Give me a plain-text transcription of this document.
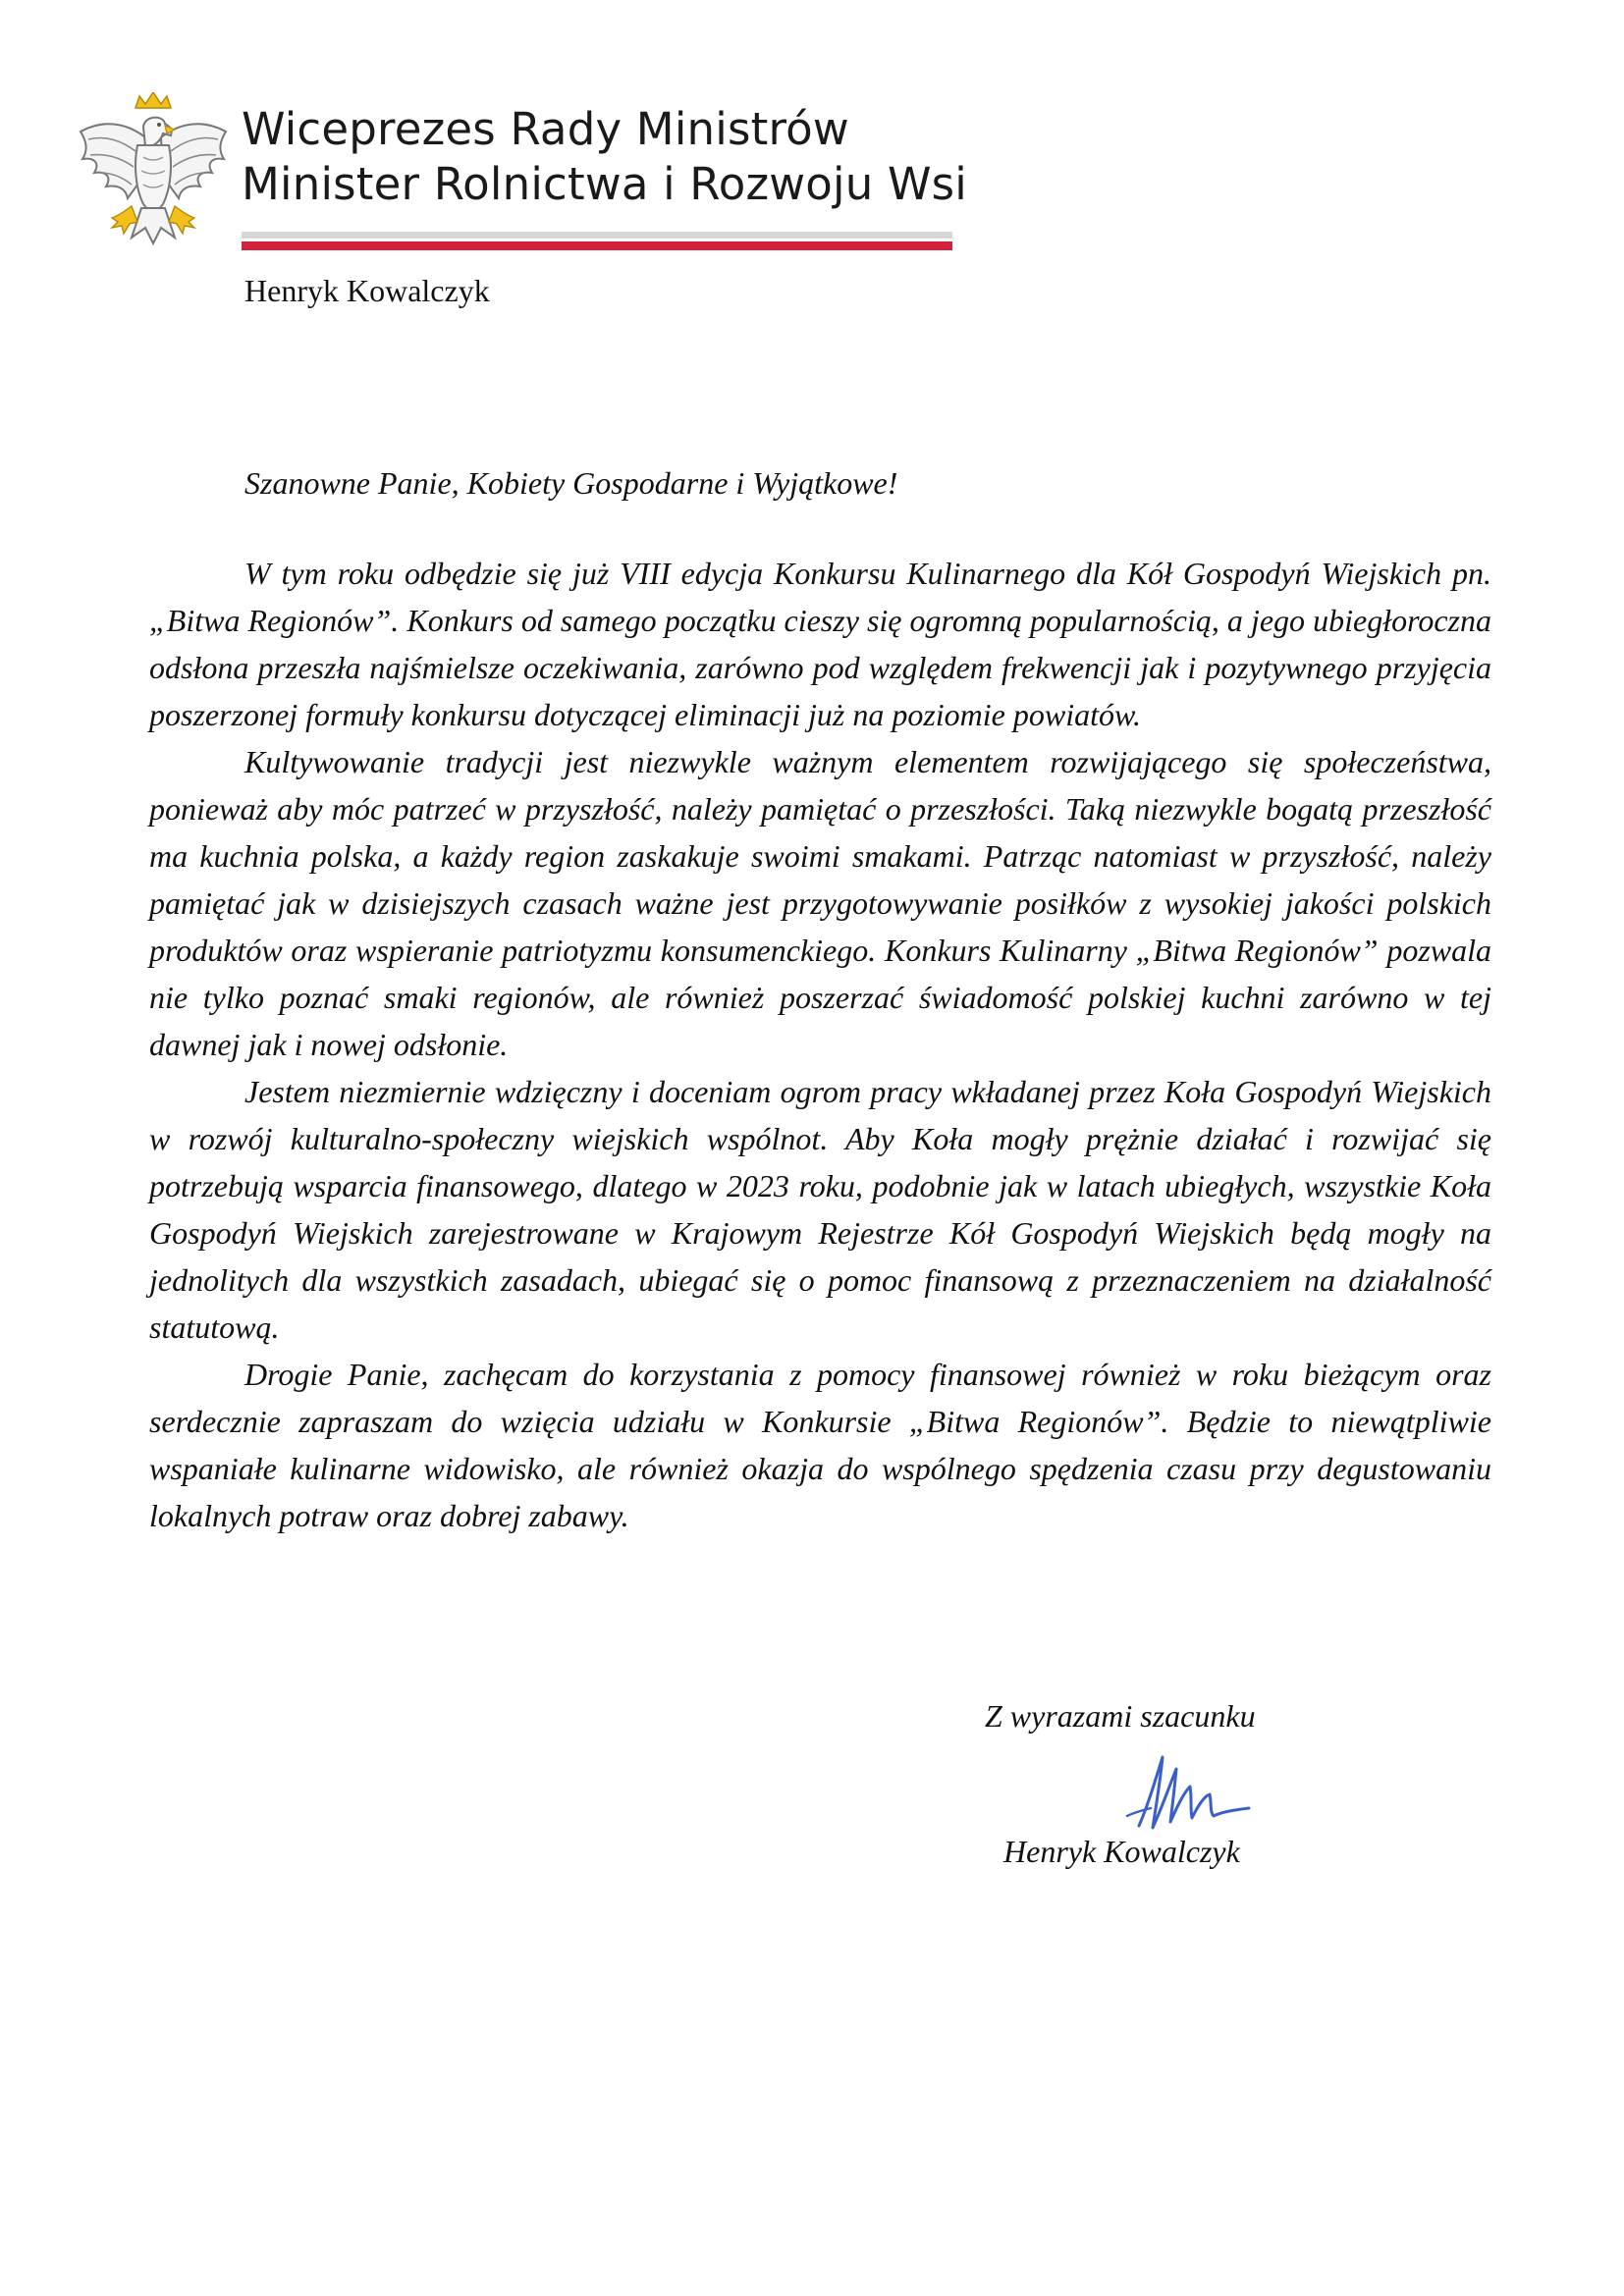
Wiceprezes Rady Ministrów
Minister Rolnictwa i Rozwoju Wsi
Henryk Kowalczyk
Szanowne Panie, Kobiety Gospodarne i Wyjątkowe!

W tym roku odbędzie się już VIII edycja Konkursu Kulinarnego dla Kół Gospodyń Wiejskich pn. „Bitwa Regionów”. Konkurs od samego początku cieszy się ogromną popularnością, a jego ubiegłoroczna odsłona przeszła najśmielsze oczekiwania, zarówno pod względem frekwencji jak i pozytywnego przyjęcia poszerzonej formuły konkursu dotyczącej eliminacji już na poziomie powiatów.

Kultywowanie tradycji jest niezwykle ważnym elementem rozwijającego się społeczeństwa, ponieważ aby móc patrzeć w przyszłość, należy pamiętać o przeszłości. Taką niezwykle bogatą przeszłość ma kuchnia polska, a każdy region zaskakuje swoimi smakami. Patrząc natomiast w przyszłość, należy pamiętać jak w dzisiejszych czasach ważne jest przygotowywanie posiłków z wysokiej jakości polskich produktów oraz wspieranie patriotyzmu konsumenckiego. Konkurs Kulinarny „Bitwa Regionów” pozwala nie tylko poznać smaki regionów, ale również poszerzać świadomość polskiej kuchni zarówno w tej dawnej jak i nowej odsłonie.

Jestem niezmiernie wdzięczny i doceniam ogrom pracy wkładanej przez Koła Gospodyń Wiejskich w rozwój kulturalno-społeczny wiejskich wspólnot. Aby Koła mogły prężnie działać i rozwijać się potrzebują wsparcia finansowego, dlatego w 2023 roku, podobnie jak w latach ubiegłych, wszystkie Koła Gospodyń Wiejskich zarejestrowane w Krajowym Rejestrze Kół Gospodyń Wiejskich będą mogły na jednolitych dla wszystkich zasadach, ubiegać się o pomoc finansową z przeznaczeniem na działalność statutową.

Drogie Panie, zachęcam do korzystania z pomocy finansowej również w roku bieżącym oraz serdecznie zapraszam do wzięcia udziału w Konkursie „Bitwa Regionów”. Będzie to niewątpliwie wspaniałe kulinarne widowisko, ale również okazja do wspólnego spędzenia czasu przy degustowaniu lokalnych potraw oraz dobrej zabawy.

Z wyrazami szacunku
Henryk Kowalczyk
